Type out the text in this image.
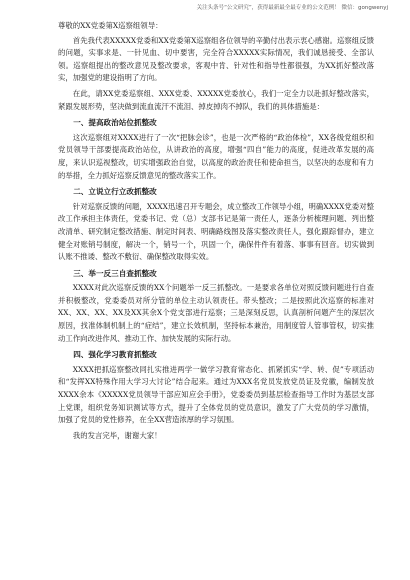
关注头条号“公文研究”，获得最新最全最专业的公文范例！ 微信：gongwenyj

尊敬的XX党委第X巡察组领导：

首先我代表XXXXX党委和XX党委第X巡察组各位领导的辛勤付出表示衷心感谢。巡察组反馈的问题，实事求是、一针见血、切中要害，完全符合XXXXX实际情况，我们诚恳接受、全部认领。巡察组提出的整改意见及整改要求，客观中肯、针对性和指导性都很强，为XX抓好整改落实，加强党的建设指明了方向。

在此，请XX党委巡察组、XXX党委、XXXXX党委放心，我们一定全力以赴抓好整改落实，紧跟发展形势，坚决做到流血流汗不流泪、掉皮掉肉不掉队，我们的具体措施是：

一、提高政治站位抓整改

这次巡察组对XXXX进行了一次“把脉会诊”，也是一次严格的“政治体检”，XX各级党组织和党员领导干部要提高政治站位，从讲政治的高度，增强“四自”能力的高度，促进改革发展的高度，来认识巡视整改，切实增强政治自觉，以高度的政治责任和使命担当，以坚决的态度和有力的举措，全力抓好巡察反馈意见的整改落实工作。

二、立说立行立改抓整改

针对巡察反馈的问题，XXXX迅速召开专题会，成立整改工作领导小组，明确XXXX党委对整改工作承担主体责任，党委书记、党（总）支部书记是第一责任人，逐条分析梳理问题、列出整改清单、研究制定整改措施、制定时间表、明确路线图及落实整改责任人，强化跟踪督办，建立健全对账销号制度，解决一个，销号一个，巩固一个，确保件件有着落、事事有回音。切实做到认账不推诿、整改不敷衍、确保整改取得实效。

三、举一反三自查抓整改

XXXX对此次巡察反馈的XX个问题举一反三抓整改。一是要求各单位对照反馈问题进行自查并积极整改，党委委员对所分管的单位主动认领责任。带头整改；二是按照此次巡察的标准对XX、XX、XX、XX及XX其余X个党支部进行巡察；三是深刻反思，认真剖析问题产生的深层次原因，找准体制机制上的“症结”，建立长效机制，坚持标本兼治，用制度管人管事管权，切实推动工作向改进作风、推动工作、加快发展的实际行动。

四、强化学习教育抓整改

XXXX把抓巡察整改同扎实推进两学一做学习教育常态化、抓紧抓实“学、转、促”专项活动和“发挥XX特殊作用大学习大讨论”结合起来。通过为XXX名党员发放党员证及党徽，编制发放XXXX余本《XXXXX党员领导干部应知应会手册》，党委委员到基层检查指导工作时为基层支部上党课，组织党务知识测试等方式，提升了全体党员的党员意识，激发了广大党员的学习激情，加强了党员的党性修养，在全XX营造浓厚的学习氛围。

我的发言完毕，谢谢大家！
